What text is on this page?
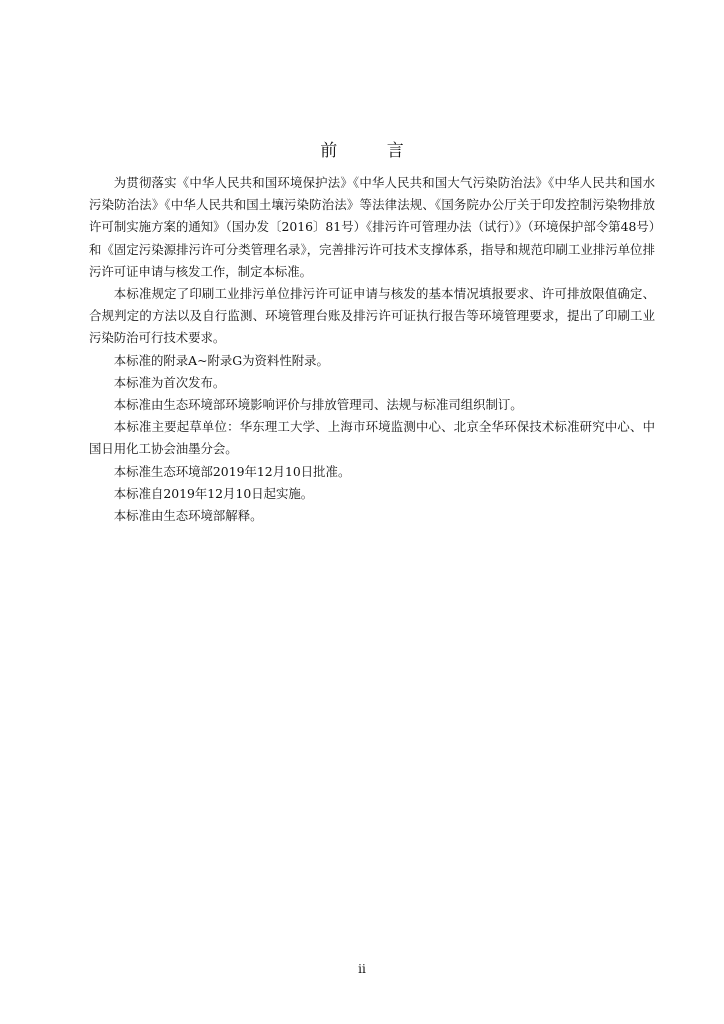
前 言

为贯彻落实《中华人民共和国环境保护法》《中华人民共和国大气污染防治法》《中华人民共和国水污染防治法》《中华人民共和国土壤污染防治法》等法律法规、《国务院办公厅关于印发控制污染物排放许可制实施方案的通知》（国办发〔2016〕81号）《排污许可管理办法（试行）》（环境保护部令第48号）和《固定污染源排污许可分类管理名录》，完善排污许可技术支撑体系，指导和规范印刷工业排污单位排污许可证申请与核发工作，制定本标准。

本标准规定了印刷工业排污单位排污许可证申请与核发的基本情况填报要求、许可排放限值确定、合规判定的方法以及自行监测、环境管理台账及排污许可证执行报告等环境管理要求，提出了印刷工业污染防治可行技术要求。

本标准的附录A~附录G为资料性附录。

本标准为首次发布。

本标准由生态环境部环境影响评价与排放管理司、法规与标准司组织制订。

本标准主要起草单位：华东理工大学、上海市环境监测中心、北京全华环保技术标准研究中心、中国日用化工协会油墨分会。

本标准生态环境部2019年12月10日批准。

本标准自2019年12月10日起实施。

本标准由生态环境部解释。

ii
